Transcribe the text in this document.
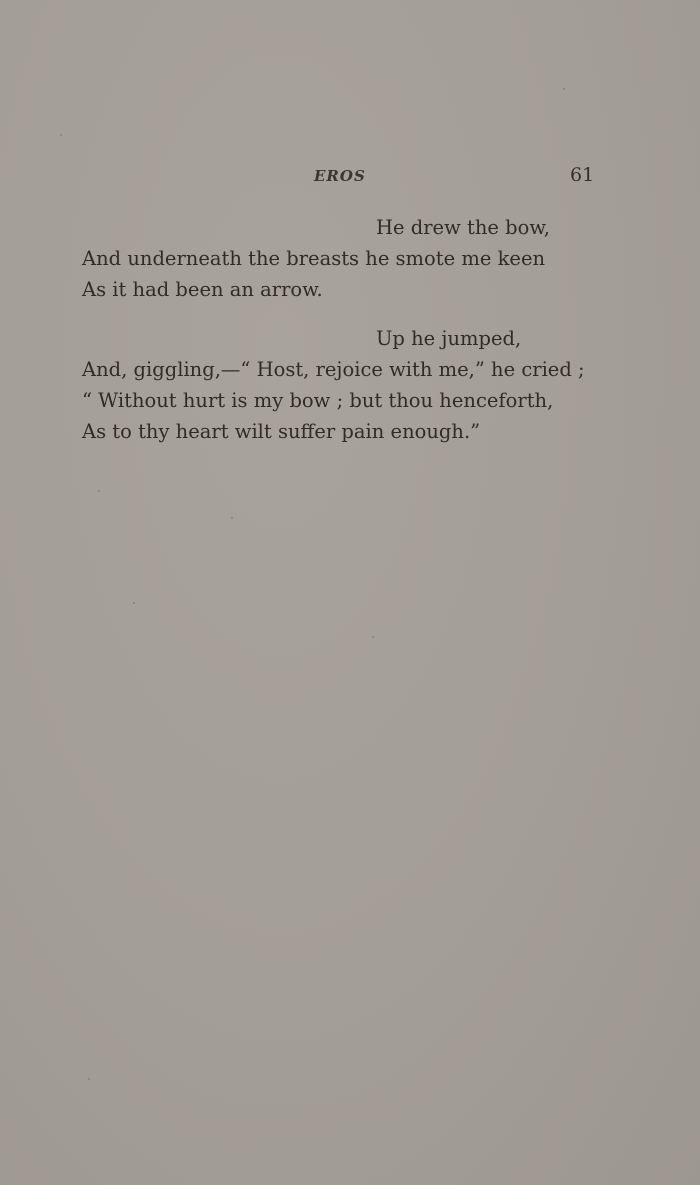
EROS	61
He drew the bow,
And underneath the breasts he smote me keen
As it had been an arrow.
Up he jumped,
And, giggling,—“ Host, rejoice with me,” he cried ;
“ Without hurt is my bow ; but thou henceforth,
As to thy heart wilt suffer pain enough.”
